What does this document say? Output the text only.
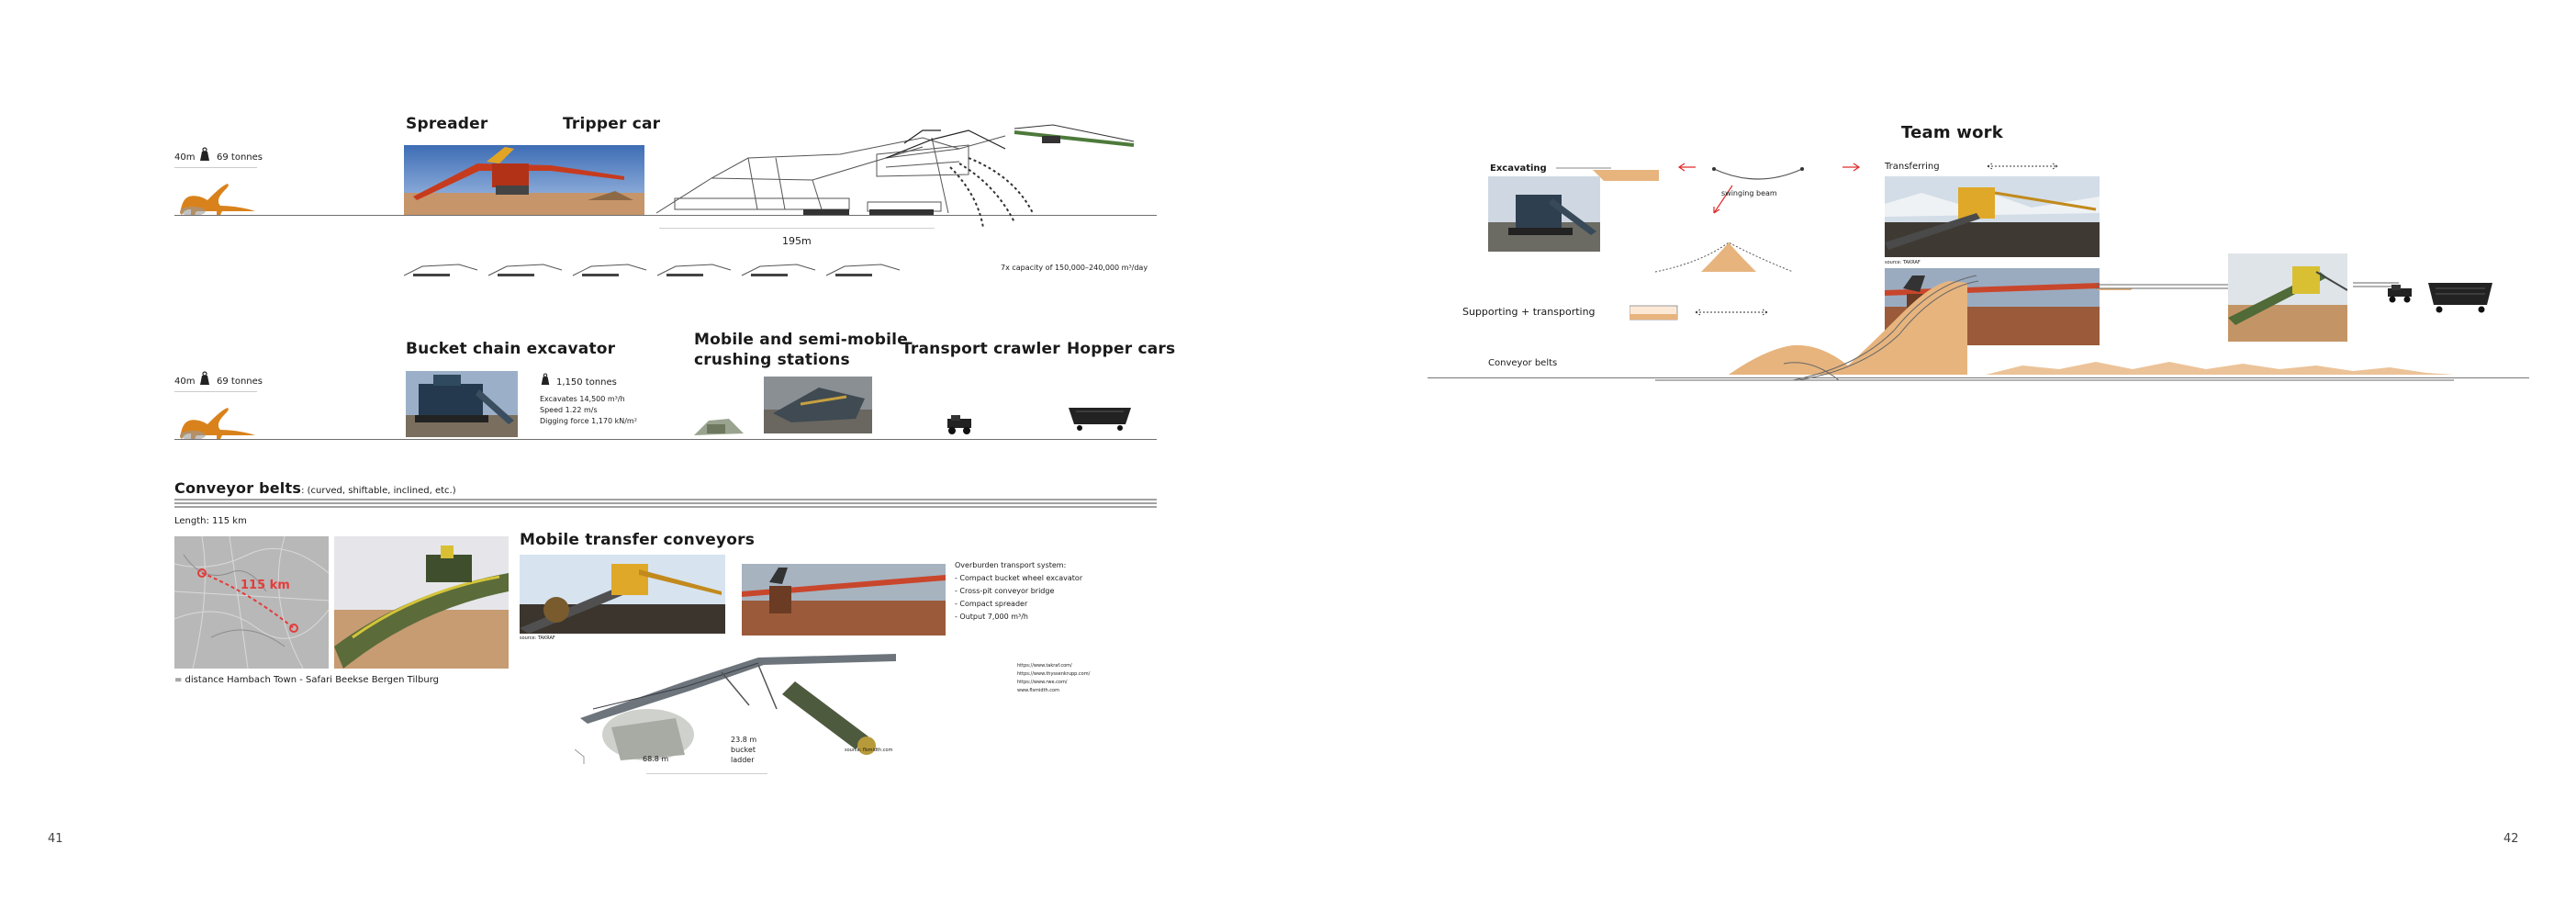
40m 69 tonnes
Spreader	Tripper car
195m
7x capacity of 150,000–240,000 m³/day
40m 69 tonnes
Bucket chain excavator
1,150 tonnes
Excavates 14,500 m³/h
Speed 1.22 m/s
Digging force 1,170 kN/m²
Mobile and semi-mobile
crushing stations
Transport crawler Hopper cars
Conveyor belts: (curved, shiftable, inclined, etc.)
Length: 115 km
115 km
= distance Hambach Town - Safari Beekse Bergen Tilburg
Mobile transfer conveyors
source: TAKRAF
Overburden transport system:
- Compact bucket wheel excavator
- Cross-pit conveyor bridge
- Compact spreader
- Output 7,000 m³/h
https://www.takraf.com/
https://www.thyssenkrupp.com/
https://www.rwe.com/
www.flsmidth.com
source: flsmidth.com
68.8 m
23.8 m bucket ladder
41
Team work
Excavating
swinging beam
Transferring
source: TAKRAF
Supporting + transporting
Conveyor belts
42
